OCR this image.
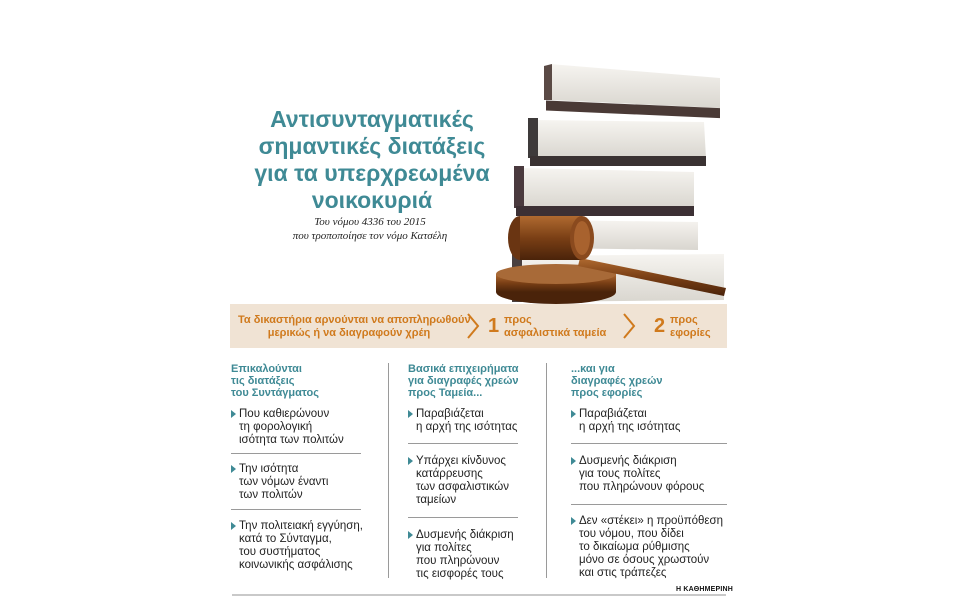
Αντισυνταγματικές
σημαντικές διατάξεις
για τα υπερχρεωμένα
νοικοκυριά
Του νόμου 4336 του 2015
που τροποποίησε τον νόμο Κατσέλη
Τα δικαστήρια αρνούνται να αποπληρωθούν
μερικώς ή να διαγραφούν χρέη	1 προς
ασφαλιστικά ταμεία 2 προς
εφορίες
Επικαλούνται
τις διατάξεις
του Συντάγματος
Που καθιερώνουν
τη φορολογική
ισότητα των πολιτών
Την ισότητα
των νόμων έναντι
των πολιτών
Την πολιτειακή εγγύηση,
κατά το Σύνταγμα,
του συστήματος
κοινωνικής ασφάλισης
Βασικά επιχειρήματα
για διαγραφές χρεών
προς Ταμεία...
Παραβιάζεται
η αρχή της ισότητας
Υπάρχει κίνδυνος
κατάρρευσης
των ασφαλιστικών
ταμείων
Δυσμενής διάκριση
για πολίτες
που πληρώνουν
τις εισφορές τους
...και για
διαγραφές χρεών
προς εφορίες
Παραβιάζεται
η αρχή της ισότητας
Δυσμενής διάκριση
για τους πολίτες
που πληρώνουν φόρους
Δεν «στέκει» η προϋπόθεση
του νόμου, που δίδει
το δικαίωμα ρύθμισης
μόνο σε όσους χρωστούν
και στις τράπεζες
Η ΚΑΘΗΜΕΡΙΝΗ
